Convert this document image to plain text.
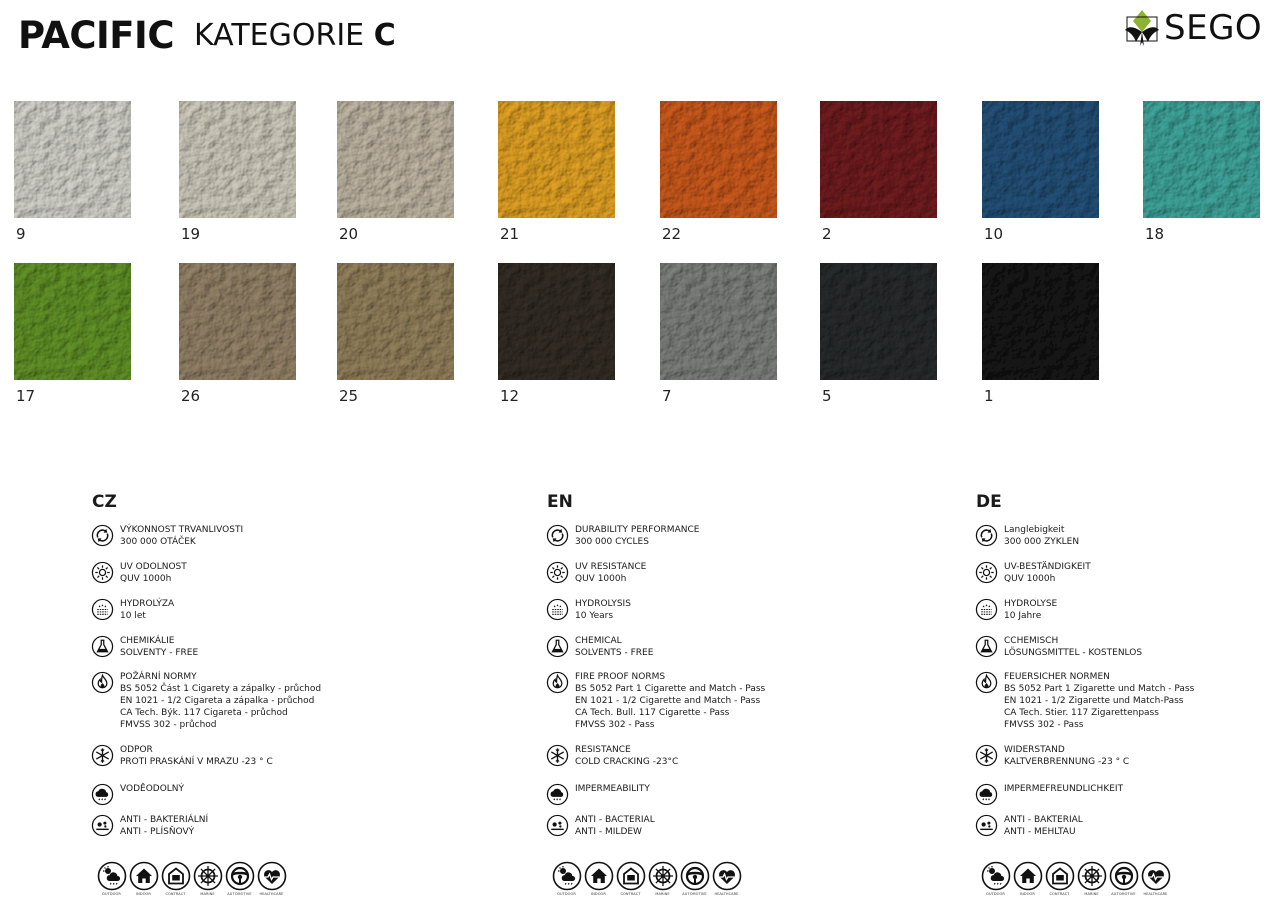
PACIFIC KATEGORIE C	SEGO
9	19	20	21	22	2	10	18
17	26	25	12	7	5	1
CZ
VÝKONNOST TRVANLIVOSTI
300 000 OTÁČEK
UV ODOLNOST
QUV 1000h
HYDROLÝZA
10 let
CHEMIKÁLIE
SOLVENTY - FREE
POŽÁRNÍ NORMY
BS 5052 Část 1 Cigarety a zápalky - průchod
EN 1021 - 1/2 Cigareta a zápalka - průchod
CA Tech. Býk. 117 Cigareta - průchod
FMVSS 302 - průchod
ODPOR
PROTI PRASKÁNÍ V MRAZU -23 ° C
VODĚODOLNÝ
ANTI - BAKTERIÁLNÍ
ANTI - PLÍSŇOVÝ
OUTDOOR	INDOOR	CONTRACT	MARINE	AUTOMOTIVE HEALTHCARE
EN
DURABILITY PERFORMANCE
300 000 CYCLES
UV RESISTANCE
QUV 1000h
HYDROLYSIS
10 Years
CHEMICAL
SOLVENTS - FREE
FIRE PROOF NORMS
BS 5052 Part 1 Cigarette and Match - Pass
EN 1021 - 1/2 Cigarette and Match - Pass
CA Tech. Bull. 117 Cigarette - Pass
FMVSS 302 - Pass
RESISTANCE
COLD CRACKING -23°C
IMPERMEABILITY
ANTI - BACTERIAL
ANTI - MILDEW
OUTDOOR	INDOOR	CONTRACT	MARINE	AUTOMOTIVE HEALTHCARE
DE
Langlebigkeit
300 000 ZYKLEN
UV-BESTÄNDIGKEIT
QUV 1000h
HYDROLYSE
10 Jahre
CCHEMISCH
LÖSUNGSMITTEL - KOSTENLOS
FEUERSICHER NORMEN
BS 5052 Part 1 Zigarette und Match - Pass
EN 1021 - 1/2 Zigarette und Match-Pass
CA Tech. Stier. 117 Zigarettenpass
FMVSS 302 - Pass
WIDERSTAND
KALTVERBRENNUNG -23 ° C
IMPERMEFREUNDLICHKEIT
ANTI - BAKTERIAL
ANTI - MEHLTAU
OUTDOOR	INDOOR	CONTRACT	MARINE	AUTOMOTIVE HEALTHCARE
